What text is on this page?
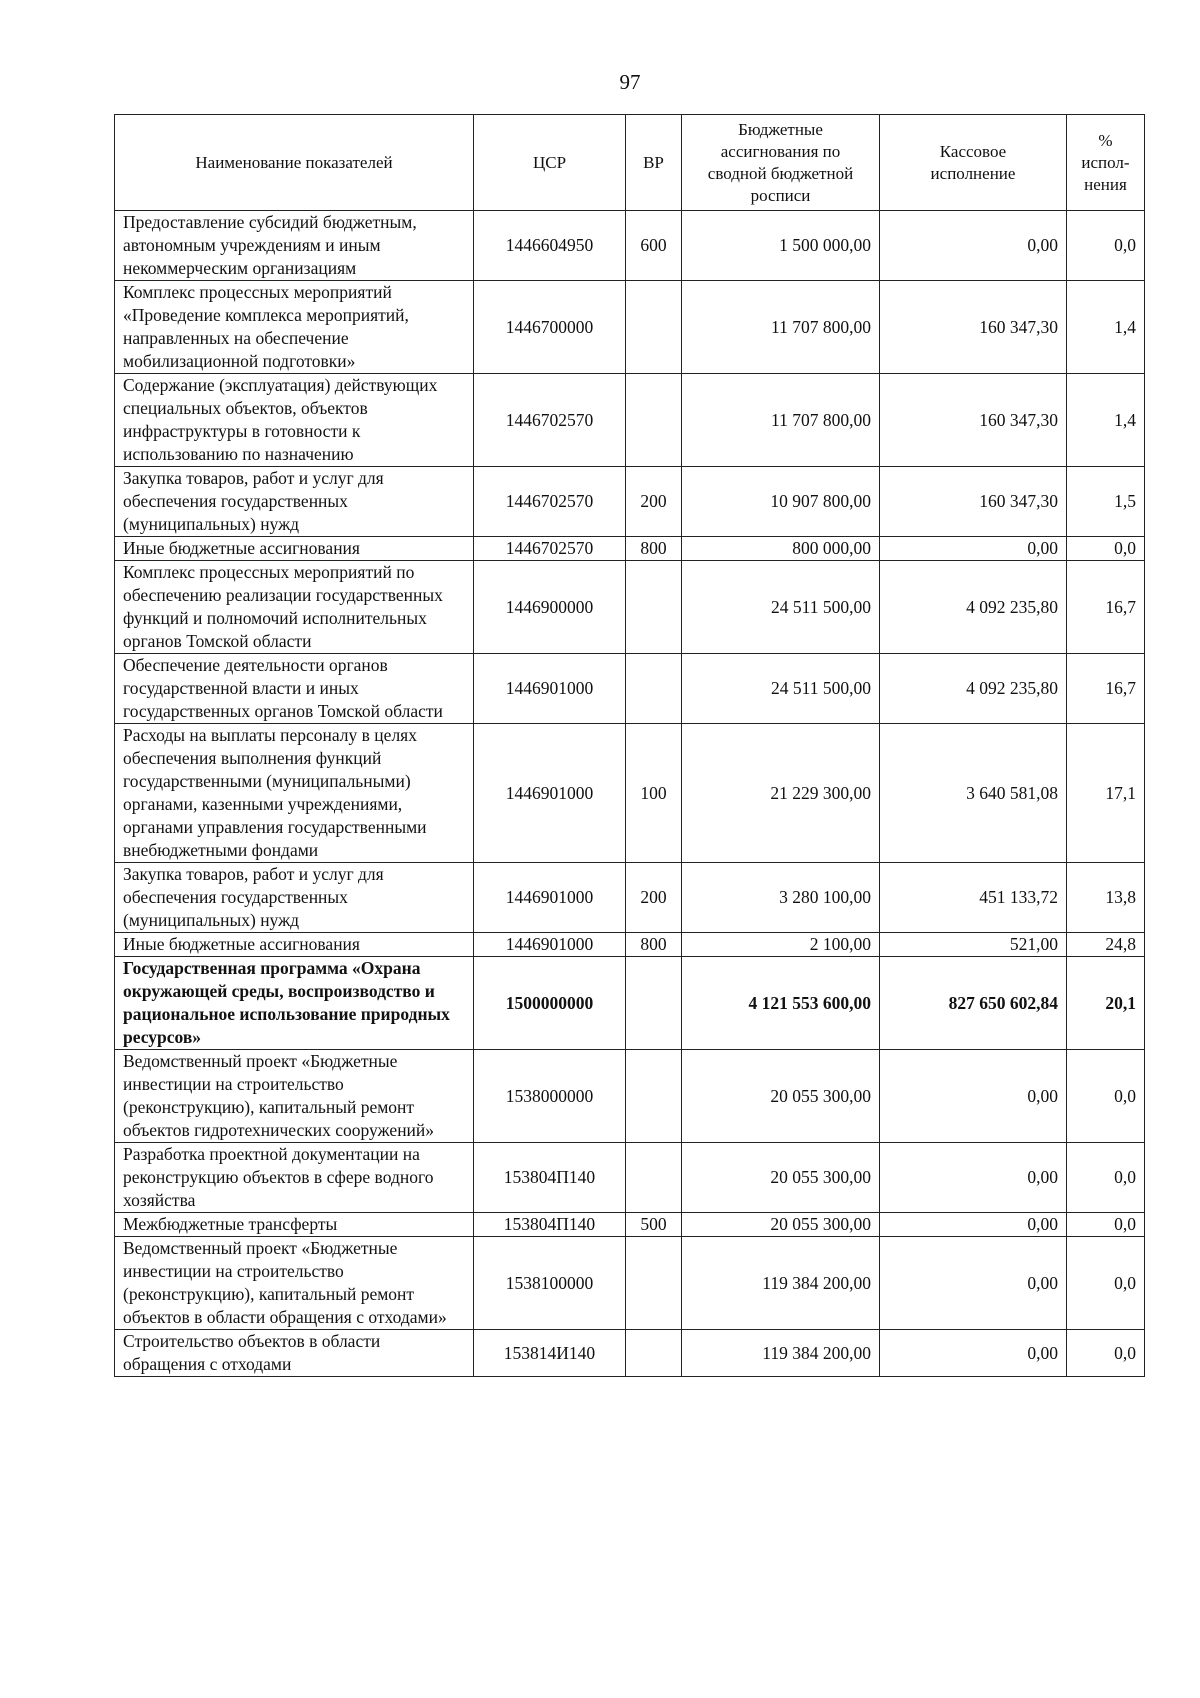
97
Наименование показателей	ЦСР	ВР	Бюджетные ассигнования по сводной бюджетной росписи	Кассовое исполнение	% испол-нения
Предоставление субсидий бюджетным, автономным учреждениям и иным некоммерческим организациям	1446604950	600	1 500 000,00	0,00	0,0
Комплекс процессных мероприятий «Проведение комплекса мероприятий, направленных на обеспечение мобилизационной подготовки»	1446700000		11 707 800,00	160 347,30	1,4
Содержание (эксплуатация) действующих специальных объектов, объектов инфраструктуры в готовности к использованию по назначению	1446702570		11 707 800,00	160 347,30	1,4
Закупка товаров, работ и услуг для обеспечения государственных (муниципальных) нужд	1446702570	200	10 907 800,00	160 347,30	1,5
Иные бюджетные ассигнования	1446702570	800	800 000,00	0,00	0,0
Комплекс процессных мероприятий по обеспечению реализации государственных функций и полномочий исполнительных органов Томской области	1446900000		24 511 500,00	4 092 235,80	16,7
Обеспечение деятельности органов государственной власти и иных государственных органов Томской области	1446901000		24 511 500,00	4 092 235,80	16,7
Расходы на выплаты персоналу в целях обеспечения выполнения функций государственными (муниципальными) органами, казенными учреждениями, органами управления государственными внебюджетными фондами	1446901000	100	21 229 300,00	3 640 581,08	17,1
Закупка товаров, работ и услуг для обеспечения государственных (муниципальных) нужд	1446901000	200	3 280 100,00	451 133,72	13,8
Иные бюджетные ассигнования	1446901000	800	2 100,00	521,00	24,8
Государственная программа «Охрана окружающей среды, воспроизводство и рациональное использование природных ресурсов»	1500000000		4 121 553 600,00	827 650 602,84	20,1
Ведомственный проект «Бюджетные инвестиции на строительство (реконструкцию), капитальный ремонт объектов гидротехнических сооружений»	1538000000		20 055 300,00	0,00	0,0
Разработка проектной документации на реконструкцию объектов в сфере водного хозяйства	153804П140		20 055 300,00	0,00	0,0
Межбюджетные трансферты	153804П140	500	20 055 300,00	0,00	0,0
Ведомственный проект «Бюджетные инвестиции на строительство (реконструкцию), капитальный ремонт объектов в области обращения с отходами»	1538100000		119 384 200,00	0,00	0,0
Строительство объектов в области обращения с отходами	153814И140		119 384 200,00	0,00	0,0
